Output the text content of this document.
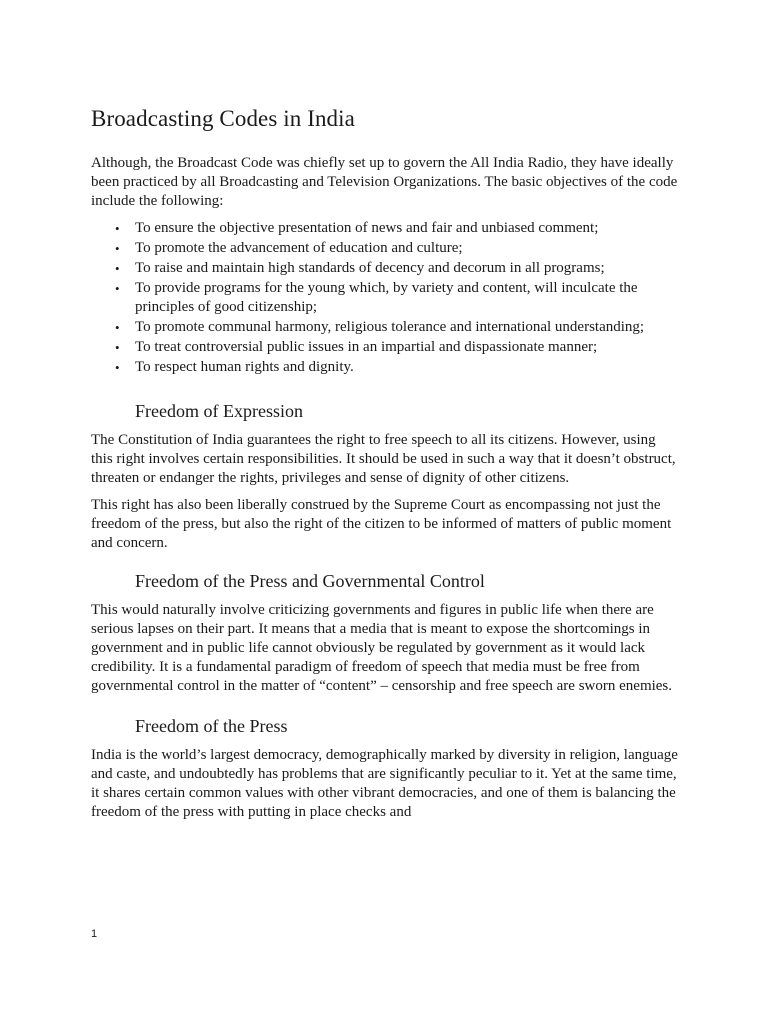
Broadcasting Codes in India

Although, the Broadcast Code was chiefly set up to govern the All India Radio, they have ideally been practiced by all Broadcasting and Television Organizations. The basic objectives of the code include the following:

• To ensure the objective presentation of news and fair and unbiased comment;
• To promote the advancement of education and culture;
• To raise and maintain high standards of decency and decorum in all programs;
• To provide programs for the young which, by variety and content, will inculcate the principles of good citizenship;
• To promote communal harmony, religious tolerance and international understanding;
• To treat controversial public issues in an impartial and dispassionate manner;
• To respect human rights and dignity.
Freedom of Expression

The Constitution of India guarantees the right to free speech to all its citizens. However, using this right involves certain responsibilities. It should be used in such a way that it doesn’t obstruct, threaten or endanger the rights, privileges and sense of dignity of other citizens.

This right has also been liberally construed by the Supreme Court as encompassing not just the freedom of the press, but also the right of the citizen to be informed of matters of public moment and concern.

Freedom of the Press and Governmental Control

This would naturally involve criticizing governments and figures in public life when there are serious lapses on their part. It means that a media that is meant to expose the shortcomings in government and in public life cannot obviously be regulated by government as it would lack credibility. It is a fundamental paradigm of freedom of speech that media must be free from governmental control in the matter of “content” – censorship and free speech are sworn enemies.

Freedom of the Press

India is the world’s largest democracy, demographically marked by diversity in religion, language and caste, and undoubtedly has problems that are significantly peculiar to it. Yet at the same time, it shares certain common values with other vibrant democracies, and one of them is balancing the freedom of the press with putting in place checks and

1
